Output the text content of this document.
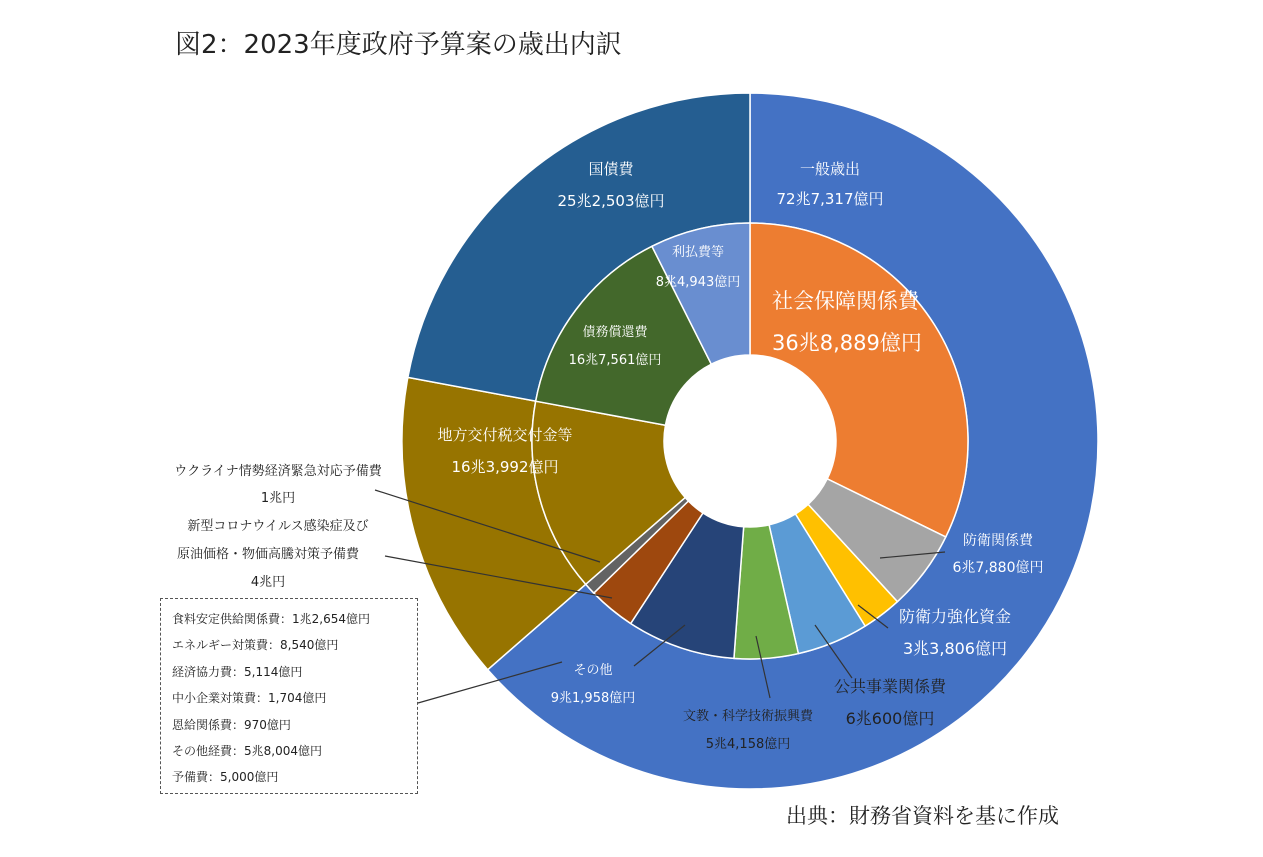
図2：2023年度政府予算案の歳出内訳
一般歳出
72兆7,317億円
国債費
25兆2,503億円
地方交付税交付金等
16兆3,992億円
社会保障関係費
36兆8,889億円
利払費等
8兆4,943億円
債務償還費
16兆7,561億円
防衛関係費
6兆7,880億円
防衛力強化資金
3兆3,806億円
公共事業関係費
6兆600億円
文教・科学技術振興費
5兆4,158億円
その他
9兆1,958億円
ウクライナ情勢経済緊急対応予備費
1兆円
新型コロナウイルス感染症及び
原油価格・物価高騰対策予備費
4兆円
食料安定供給関係費：1兆2,654億円
エネルギー対策費：8,540億円
経済協力費：5,114億円
中小企業対策費：1,704億円
恩給関係費：970億円
その他経費：5兆8,004億円
予備費：5,000億円
出典：財務省資料を基に作成
